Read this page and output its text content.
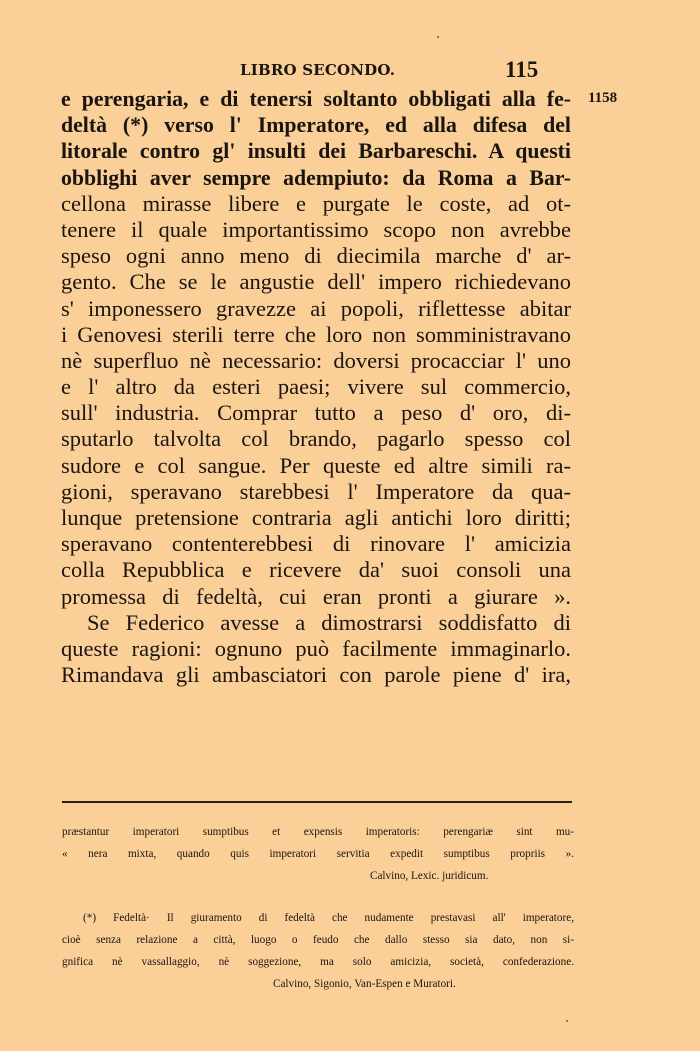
LIBRO SECONDO.	115
1158
e perengaria, e di tenersi soltanto obbligati alla fe-
deltà (*) verso l' Imperatore, ed alla difesa del
litorale contro gl' insulti dei Barbareschi. A questi
obblighi aver sempre adempiuto: da Roma a Bar-
cellona mirasse libere e purgate le coste, ad ot-
tenere il quale importantissimo scopo non avrebbe
speso ogni anno meno di diecimila marche d' ar-
gento. Che se le angustie dell' impero richiedevano
s' imponessero gravezze ai popoli, riflettesse abitar
i Genovesi sterili terre che loro non somministravano
nè superfluo nè necessario: doversi procacciar l' uno
e l' altro da esteri paesi; vivere sul commercio,
sull' industria. Comprar tutto a peso d' oro, di-
sputarlo talvolta col brando, pagarlo spesso col
sudore e col sangue. Per queste ed altre simili ra-
gioni, speravano starebbesi l' Imperatore da qua-
lunque pretensione contraria agli antichi loro diritti;
speravano contenterebbesi di rinovare l' amicizia
colla Repubblica e ricevere da' suoi consoli una
promessa di fedeltà, cui eran pronti a giurare ».
Se Federico avesse a dimostrarsi soddisfatto di
queste ragioni: ognuno può facilmente immaginarlo.
Rimandava gli ambasciatori con parole piene d' ira,
præstantur imperatori sumptibus et expensis imperatoris: perengariæ sint mu-
« nera mixta, quando quis imperatori servitia expedit sumptibus propriis ».
Calvino, Lexic. juridicum.
(*) Fedeltà· Il giuramento di fedeltà che nudamente prestavasi all' imperatore,
cioè senza relazione a città, luogo o feudo che dallo stesso sia dato, non si-
gnifica nè vassallaggio, nè soggezione, ma solo amicizia, società, confederazione.
Calvino, Sigonio, Van-Espen e Muratori.
